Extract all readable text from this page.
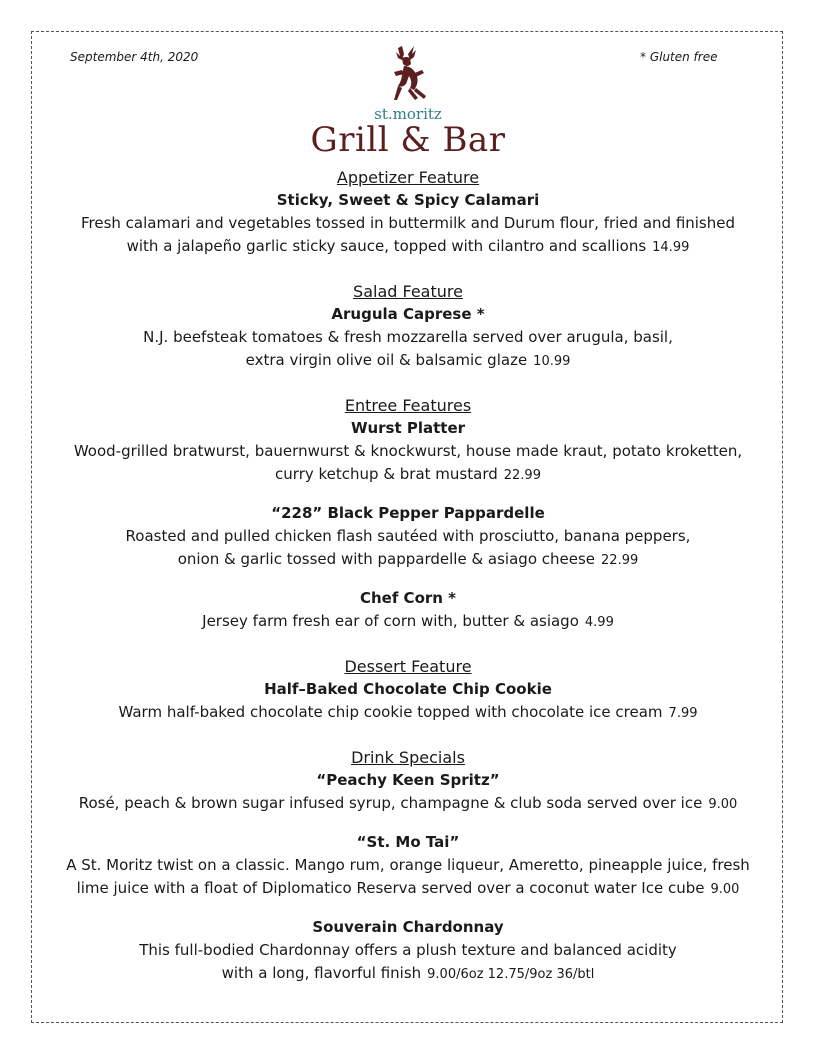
September 4th, 2020	* Gluten free
st.moritz
Grill & Bar
Appetizer Feature
Sticky, Sweet & Spicy Calamari
Fresh calamari and vegetables tossed in buttermilk and Durum flour, fried and finished
with a jalapeño garlic sticky sauce, topped with cilantro and scallions 14.99
Salad Feature
Arugula Caprese *
N.J. beefsteak tomatoes & fresh mozzarella served over arugula, basil,
extra virgin olive oil & balsamic glaze 10.99
Entree Features
Wurst Platter
Wood-grilled bratwurst, bauernwurst & knockwurst, house made kraut, potato kroketten,
curry ketchup & brat mustard 22.99
“228” Black Pepper Pappardelle
Roasted and pulled chicken flash sautéed with prosciutto, banana peppers,
onion & garlic tossed with pappardelle & asiago cheese 22.99
Chef Corn *
Jersey farm fresh ear of corn with, butter & asiago 4.99
Dessert Feature
Half–Baked Chocolate Chip Cookie
Warm half-baked chocolate chip cookie topped with chocolate ice cream 7.99
Drink Specials
“Peachy Keen Spritz”
Rosé, peach & brown sugar infused syrup, champagne & club soda served over ice 9.00
“St. Mo Tai”
A St. Moritz twist on a classic. Mango rum, orange liqueur, Ameretto, pineapple juice, fresh
lime juice with a float of Diplomatico Reserva served over a coconut water Ice cube 9.00
Souverain Chardonnay
This full-bodied Chardonnay offers a plush texture and balanced acidity
with a long, flavorful finish 9.00/6oz 12.75/9oz 36/btl
